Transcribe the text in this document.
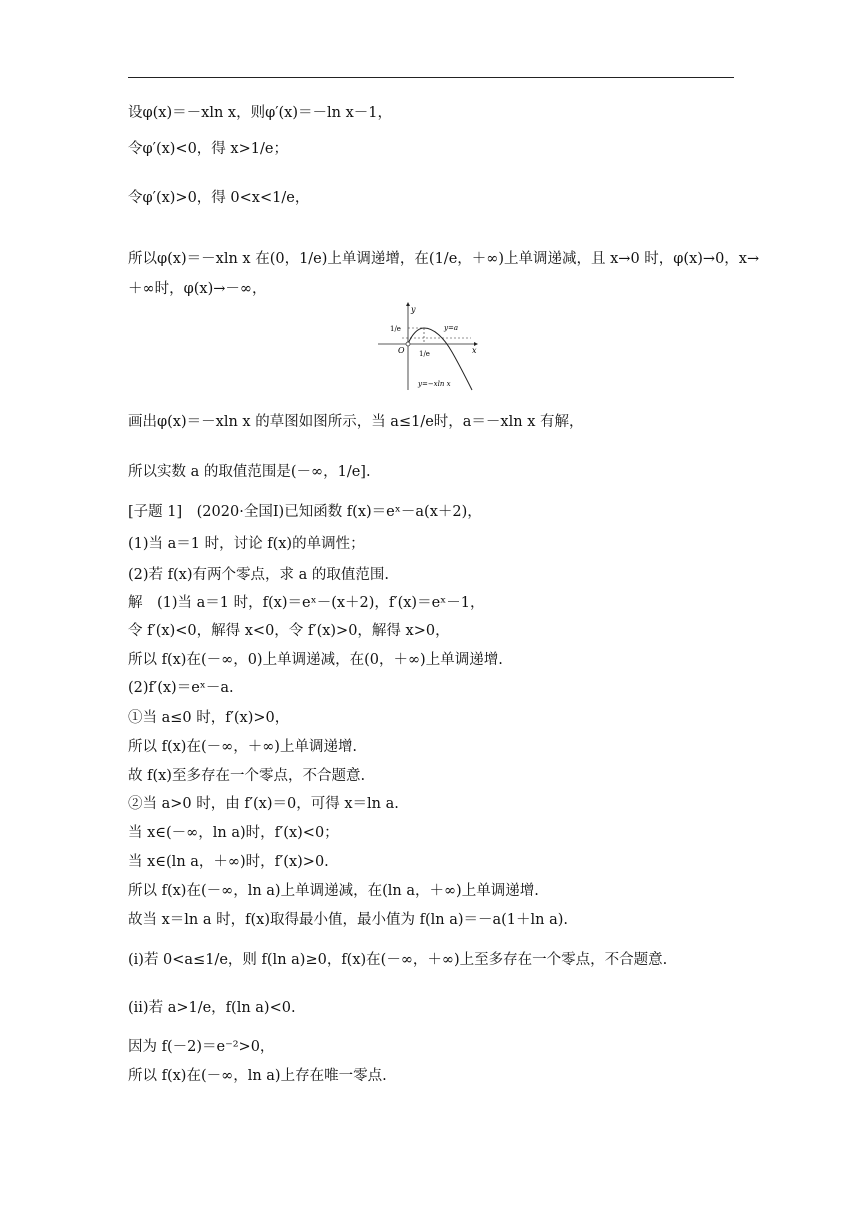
设φ(x)＝－xln x，则φ′(x)＝－ln x－1，
令φ′(x)<0，得 x>1/e；
令φ′(x)>0，得 0<x<1/e，
所以φ(x)＝－xln x 在(0，1/e)上单调递增，在(1/e，＋∞)上单调递减，且 x→0 时，φ(x)→0，x→
＋∞时，φ(x)→－∞，
画出φ(x)＝－xln x 的草图如图所示，当 a≤1/e时，a＝－xln x 有解，
所以实数 a 的取值范围是(－∞，1/e].
[子题 1]　(2020·全国Ⅰ)已知函数 f(x)＝eˣ－a(x＋2)，
(1)当 a＝1 时，讨论 f(x)的单调性；
(2)若 f(x)有两个零点，求 a 的取值范围.
解　(1)当 a＝1 时，f(x)＝eˣ－(x＋2)，f′(x)＝eˣ－1，
令 f′(x)<0，解得 x<0，令 f′(x)>0，解得 x>0，
所以 f(x)在(－∞，0)上单调递减，在(0，＋∞)上单调递增.
(2)f′(x)＝eˣ－a.
①当 a≤0 时，f′(x)>0，
所以 f(x)在(－∞，＋∞)上单调递增.
故 f(x)至多存在一个零点，不合题意.
②当 a>0 时，由 f′(x)＝0，可得 x＝ln a.
当 x∈(－∞，ln a)时，f′(x)<0；
当 x∈(ln a，＋∞)时，f′(x)>0.
所以 f(x)在(－∞，ln a)上单调递减，在(ln a，＋∞)上单调递增.
故当 x＝ln a 时，f(x)取得最小值，最小值为 f(ln a)＝－a(1＋ln a).
(ⅰ)若 0<a≤1/e，则 f(ln a)≥0，f(x)在(－∞，＋∞)上至多存在一个零点，不合题意.
(ⅱ)若 a>1/e，f(ln a)<0.
因为 f(－2)＝e⁻²>0，
所以 f(x)在(－∞，ln a)上存在唯一零点.
y
x
O
1/e
1/e
y=a
y=−xln x
